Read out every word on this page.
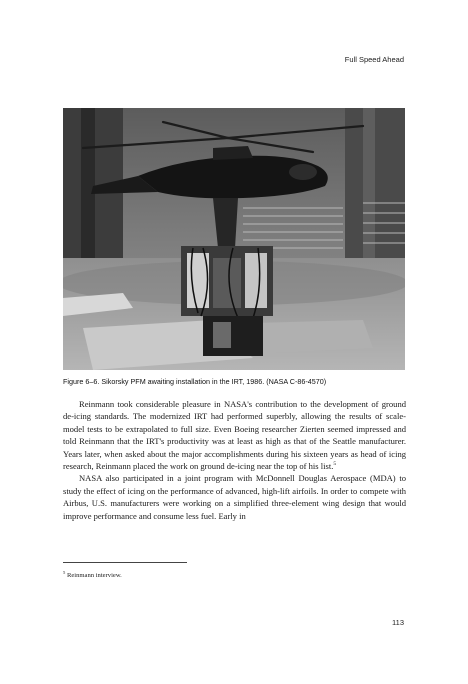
Full Speed Ahead
Figure 6–6. Sikorsky PFM awaiting installation in the IRT, 1986. (NASA C-86-4570)

Reinmann took considerable pleasure in NASA's contribution to the development of ground de-icing standards. The modernized IRT had performed superbly, allowing the results of scale-model tests to be extrapolated to full size. Even Boeing researcher Zierten seemed impressed and told Reinmann that the IRT's productivity was at least as high as that of the Seattle manufacturer. Years later, when asked about the major accomplishments during his sixteen years as head of icing research, Reinmann placed the work on ground de-icing near the top of his list.$^5$

NASA also participated in a joint program with McDonnell Douglas Aerospace (MDA) to study the effect of icing on the performance of advanced, high-lift airfoils. In order to compete with Airbus, U.S. manufacturers were working on a simplified three-element wing design that would improve performance and consume less fuel. Early in

$^5$ Reinmann interview.
113
